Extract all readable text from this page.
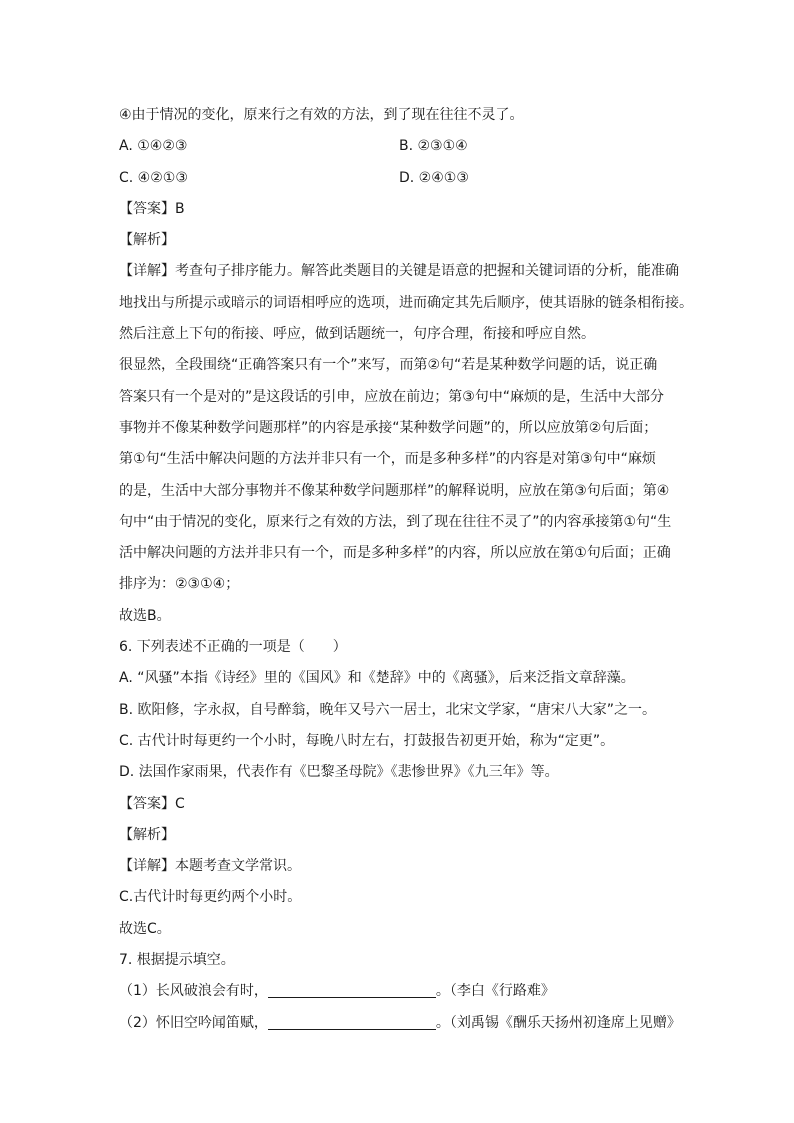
④由于情况的变化，原来行之有效的方法，到了现在往往不灵了。

A. ①④②③	B. ②③①④
C. ④②①③	D. ②④①③

【答案】B

【解析】

【详解】考查句子排序能力。解答此类题目的关键是语意的把握和关键词语的分析，能准确

地找出与所提示或暗示的词语相呼应的选项，进而确定其先后顺序，使其语脉的链条相衔接。

然后注意上下句的衔接、呼应，做到话题统一，句序合理，衔接和呼应自然。

很显然，全段围绕“正确答案只有一个”来写，而第②句“若是某种数学问题的话，说正确

答案只有一个是对的”是这段话的引申，应放在前边；第③句中“麻烦的是，生活中大部分

事物并不像某种数学问题那样”的内容是承接“某种数学问题”的，所以应放第②句后面；

第①句“生活中解决问题的方法并非只有一个，而是多种多样”的内容是对第③句中“麻烦

的是，生活中大部分事物并不像某种数学问题那样”的解释说明，应放在第③句后面；第④

句中“由于情况的变化，原来行之有效的方法，到了现在往往不灵了”的内容承接第①句“生

活中解决问题的方法并非只有一个，而是多种多样”的内容，所以应放在第①句后面；正确

排序为：②③①④；

故选B。

6. 下列表述不正确的一项是（　　）

A. “风骚”本指《诗经》里的《国风》和《楚辞》中的《离骚》，后来泛指文章辞藻。

B. 欧阳修，字永叔，自号醉翁，晚年又号六一居士，北宋文学家，“唐宋八大家”之一。

C. 古代计时每更约一个小时，每晚八时左右，打鼓报告初更开始，称为“定更”。

D. 法国作家雨果，代表作有《巴黎圣母院》《悲惨世界》《九三年》等。

【答案】C

【解析】

【详解】本题考查文学常识。

C.古代计时每更约两个小时。

故选C。

7. 根据提示填空。

（1）长风破浪会有时，	。（李白《行路难》

（2）怀旧空吟闻笛赋，	。（刘禹锡《酬乐天扬州初逢席上见赠》
